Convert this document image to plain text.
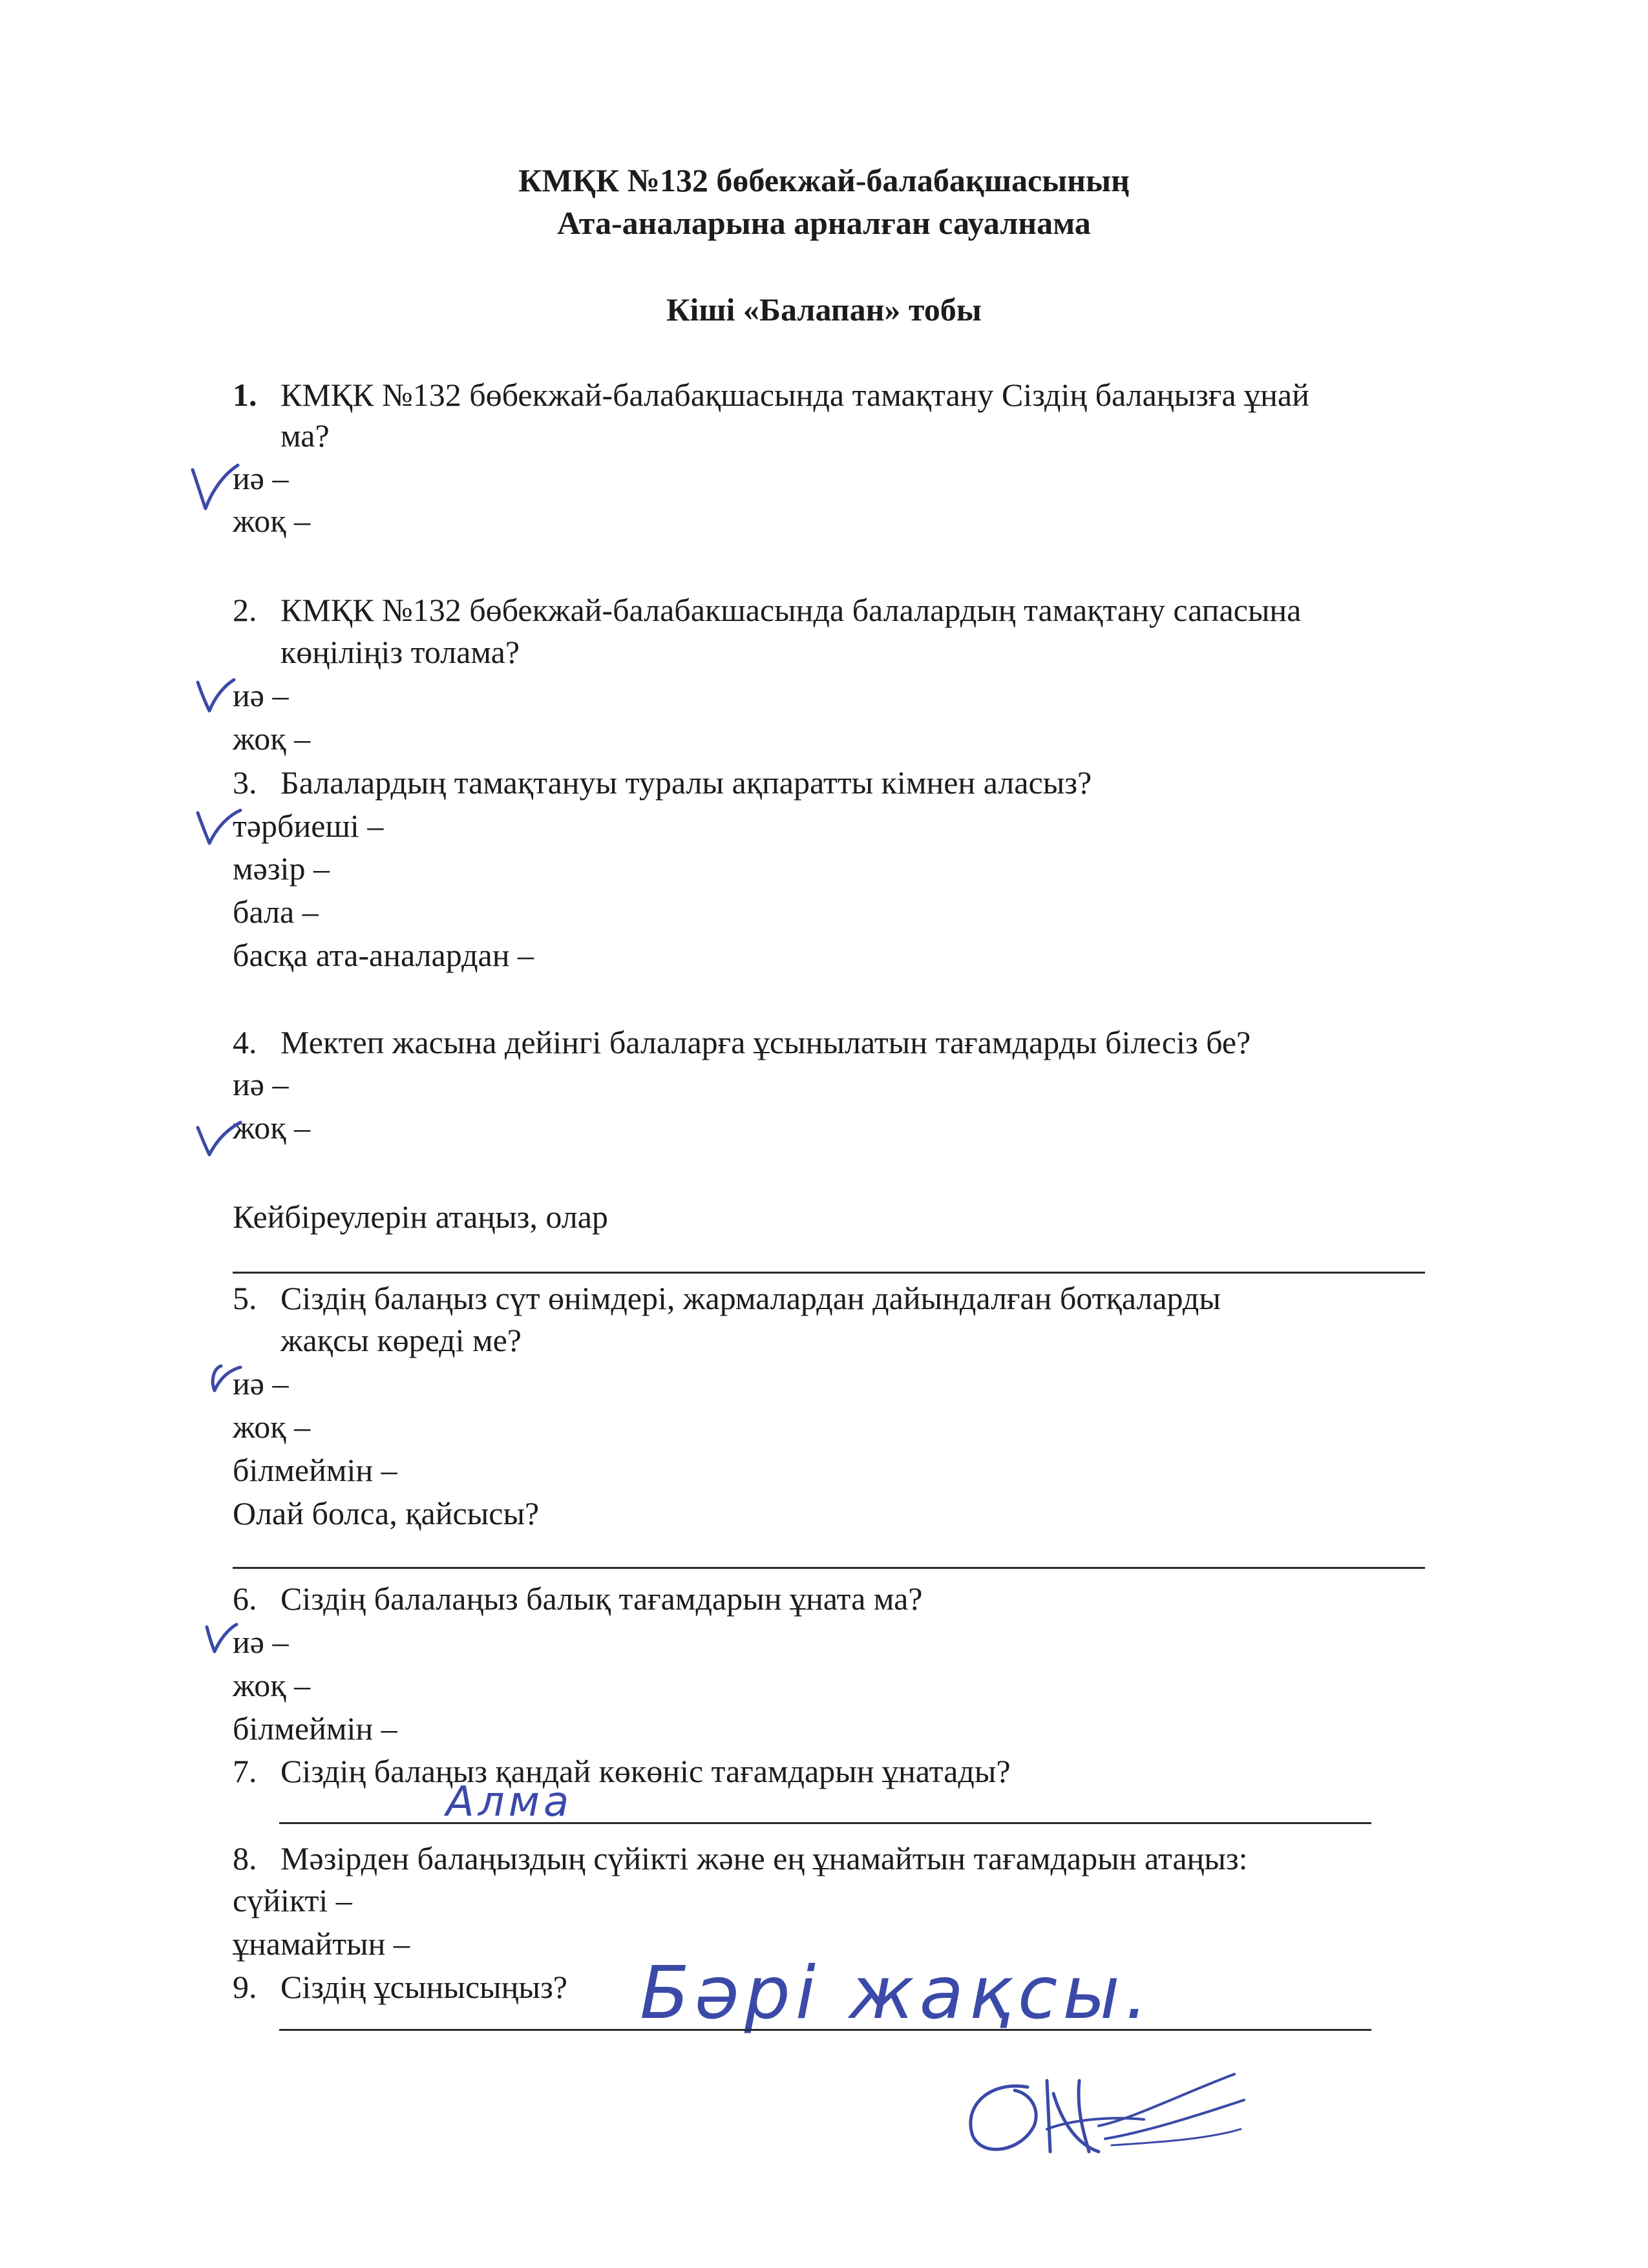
КМҚК №132 бөбекжай-балабақшасының
Ата-аналарына арналған сауалнама
Кіші «Балапан» тобы
1. КМҚК №132 бөбекжай-балабақшасында тамақтану Сіздің балаңызға ұнай
ма?
иә –
жоқ –
2. КМҚК №132 бөбекжай-балабакшасында балалардың тамақтану сапасына
көңіліңіз толама?
иә –
жоқ –
3. Балалардың тамақтануы туралы ақпаратты кімнен аласыз?
тәрбиеші –
мәзір –
бала –
басқа ата-аналардан –
4. Мектеп жасына дейінгі балаларға ұсынылатын тағамдарды білесіз бе?
иә –
жоқ –
Кейбіреулерін атаңыз, олар
5. Сіздің балаңыз сүт өнімдері, жармалардан дайындалған ботқаларды
жақсы көреді ме?
иә –
жоқ –
білмеймін –
Олай болса, қайсысы?
6. Сіздің балалаңыз балық тағамдарын ұната ма?
иә –
жоқ –
білмеймін –
7. Сіздің балаңыз қандай көкөніс тағамдарын ұнатады?
Алма
8. Мәзірден балаңыздың сүйікті және ең ұнамайтын тағамдарын атаңыз:
сүйікті –
ұнамайтын –
9. Сіздің ұсынысыңыз? Бәрі жақсы.
